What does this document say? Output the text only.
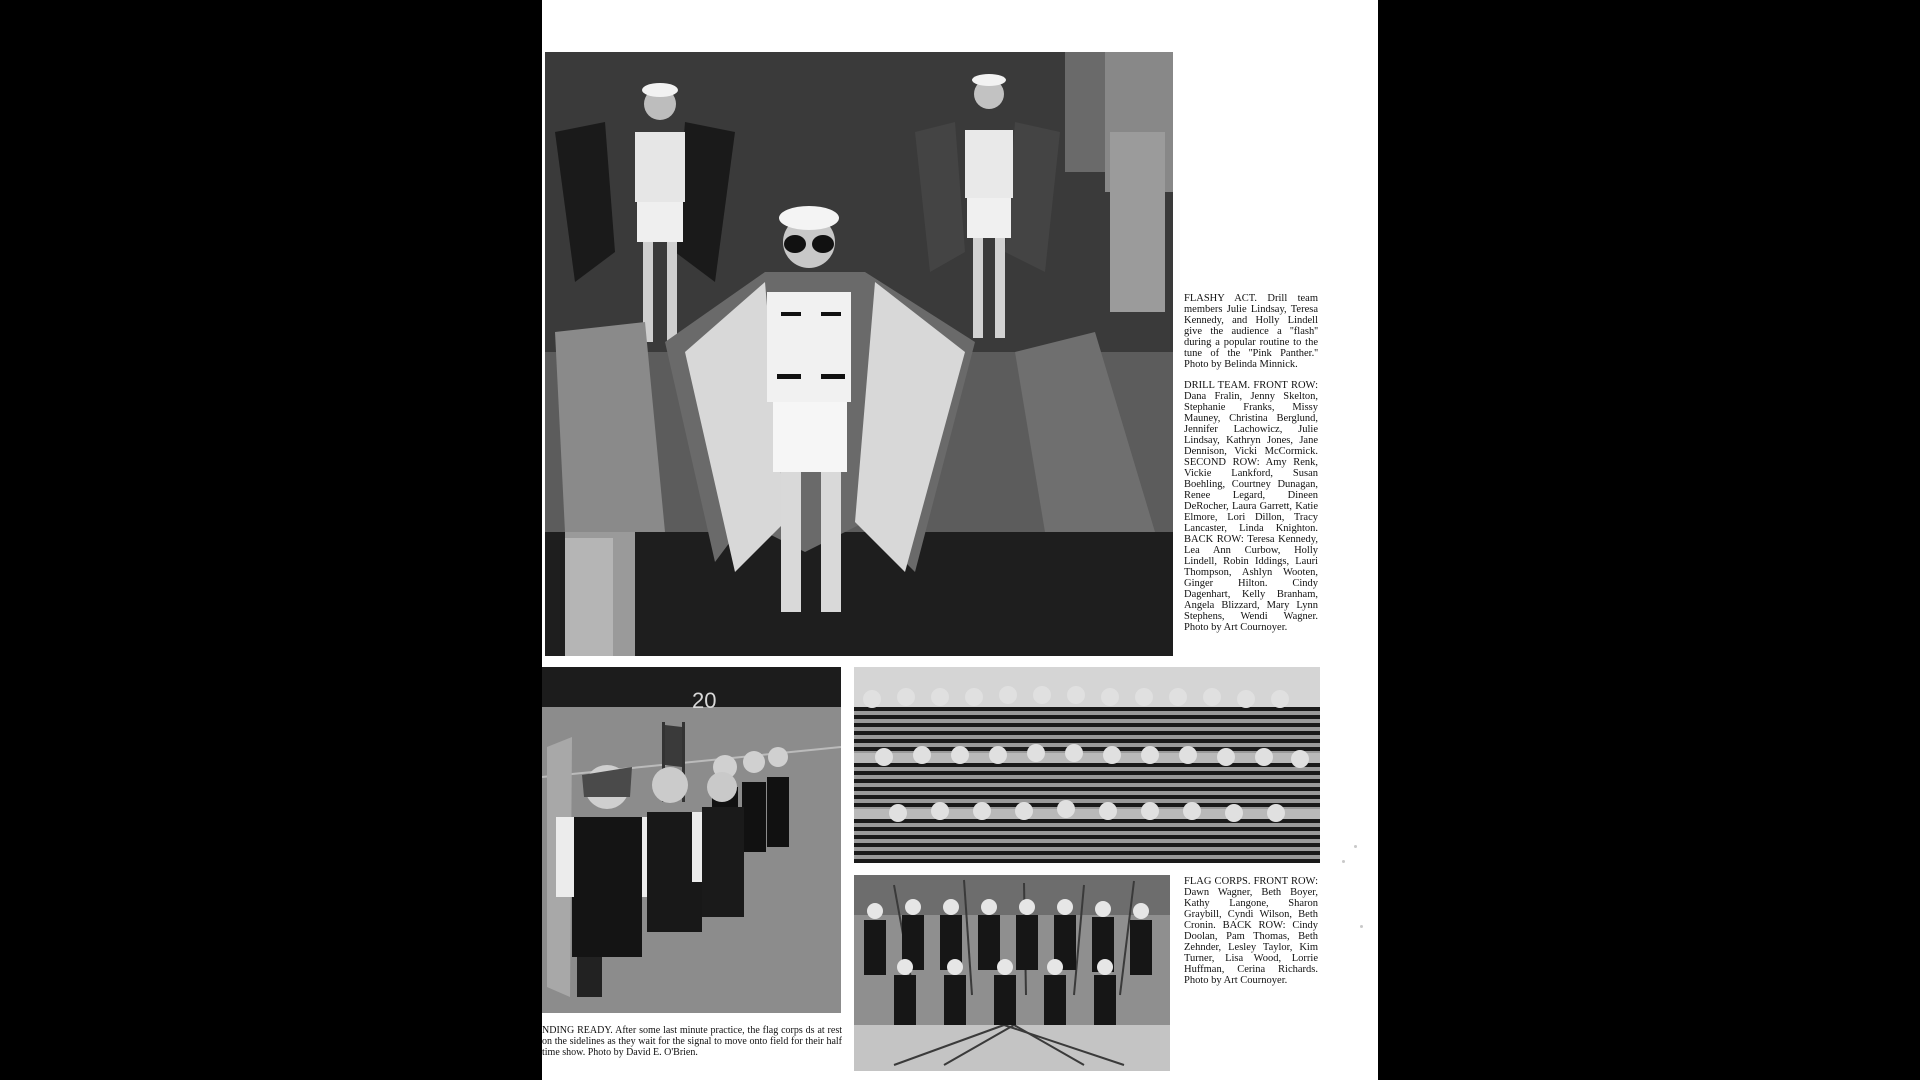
FLASHY ACT. Drill team members Julie Lindsay, Teresa Kennedy, and Holly Lindell give the audience a ''flash'' during a popular routine to the tune of the ''Pink Panther.'' Photo by Belinda Minnick.

DRILL TEAM. FRONT ROW: Dana Fralin, Jenny Skelton, Stephanie Franks, Missy Mauney, Christina Berglund, Jennifer Lachowicz, Julie Lindsay, Kathryn Jones, Jane Dennison, Vicki McCormick. SECOND ROW: Amy Renk, Vickie Lankford, Susan Boehling, Courtney Dunagan, Renee Legard, Dineen DeRocher, Laura Garrett, Katie Elmore, Lori Dillon, Tracy Lancaster, Linda Knighton. BACK ROW: Teresa Kennedy, Lea Ann Curbow, Holly Lindell, Robin Iddings, Lauri Thompson, Ashlyn Wooten, Ginger Hilton. Cindy Dagenhart, Kelly Branham, Angela Blizzard, Mary Lynn Stephens, Wendi Wagner. Photo by Art Cournoyer.

20

NDING READY. After some last minute practice, the flag corps ds at rest on the sidelines as they wait for the signal to move onto field for their half time show. Photo by David E. O'Brien.

FLAG CORPS. FRONT ROW: Dawn Wagner, Beth Boyer, Kathy Langone, Sharon Graybill, Cyndi Wilson, Beth Cronin. BACK ROW: Cindy Doolan, Pam Thomas, Beth Zehnder, Lesley Taylor, Kim Turner, Lisa Wood, Lorrie Huffman, Cerina Richards. Photo by Art Cournoyer.
